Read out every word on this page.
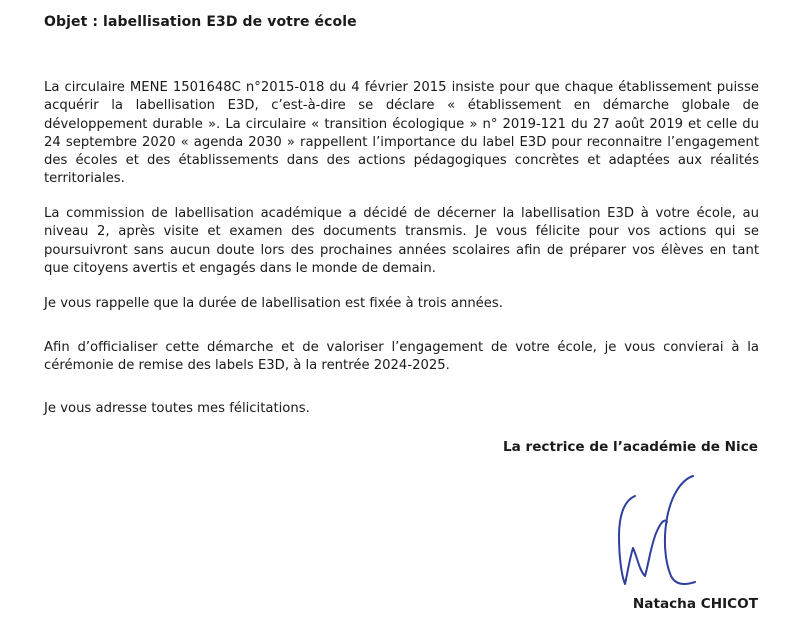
Objet : labellisation E3D de votre école

La circulaire MENE 1501648C n°2015-018 du 4 février 2015 insiste pour que chaque établissement puisse acquérir la labellisation E3D, c’est-à-dire se déclare « établissement en démarche globale de développement durable ». La circulaire « transition écologique » n° 2019-121 du 27 août 2019 et celle du 24 septembre 2020 « agenda 2030 » rappellent l’importance du label E3D pour reconnaitre l’engagement des écoles et des établissements dans des actions pédagogiques concrètes et adaptées aux réalités territoriales.

La commission de labellisation académique a décidé de décerner la labellisation E3D à votre école, au niveau 2, après visite et examen des documents transmis. Je vous félicite pour vos actions qui se poursuivront sans aucun doute lors des prochaines années scolaires afin de préparer vos élèves en tant que citoyens avertis et engagés dans le monde de demain.

Je vous rappelle que la durée de labellisation est fixée à trois années.

Afin d’officialiser cette démarche et de valoriser l’engagement de votre école, je vous convierai à la cérémonie de remise des labels E3D, à la rentrée 2024-2025.

Je vous adresse toutes mes félicitations.

La rectrice de l’académie de Nice
Natacha CHICOT
